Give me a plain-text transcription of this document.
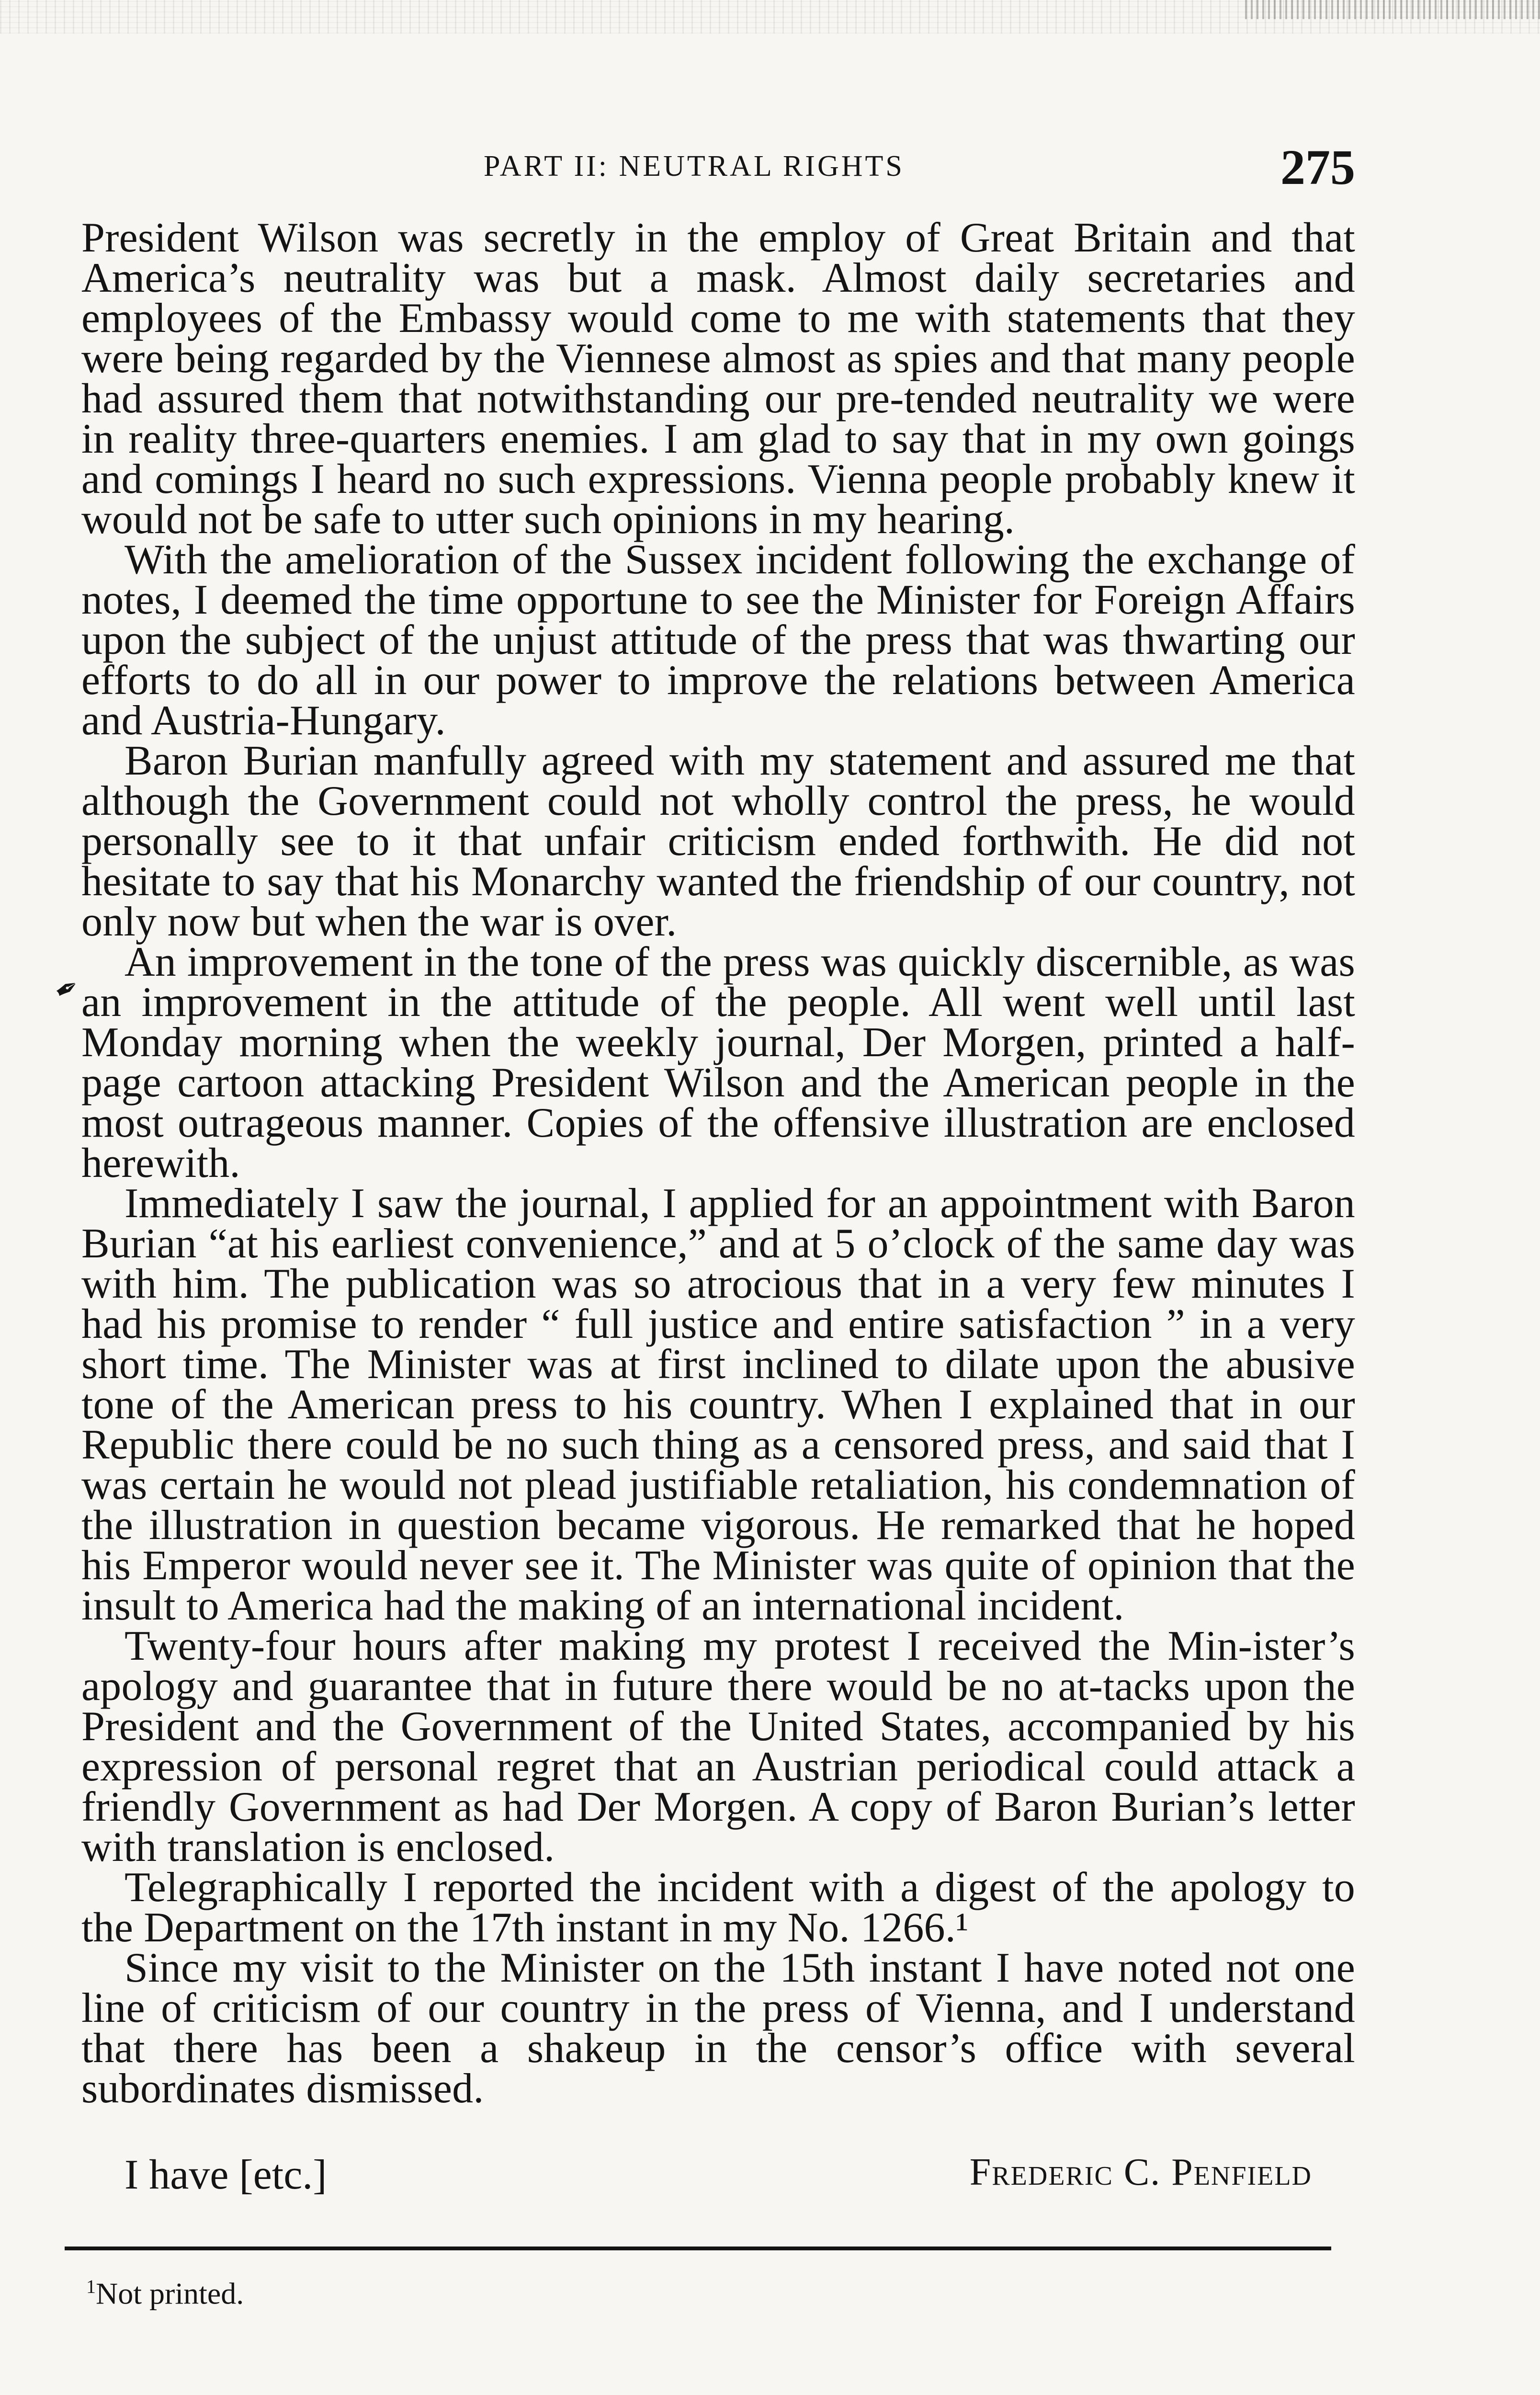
PART II: NEUTRAL RIGHTS	275
✒

President Wilson was secretly in the employ of Great Britain and that America’s neutrality was but a mask. Almost daily secretaries and employees of the Embassy would come to me with statements that they were being regarded by the Viennese almost as spies and that many people had assured them that notwithstanding our pre-tended neutrality we were in reality three-quarters enemies. I am glad to say that in my own goings and comings I heard no such expressions. Vienna people probably knew it would not be safe to utter such opinions in my hearing.

With the amelioration of the Sussex incident following the exchange of notes, I deemed the time opportune to see the Minister for Foreign Affairs upon the subject of the unjust attitude of the press that was thwarting our efforts to do all in our power to improve the relations between America and Austria-Hungary.

Baron Burian manfully agreed with my statement and assured me that although the Government could not wholly control the press, he would personally see to it that unfair criticism ended forthwith. He did not hesitate to say that his Monarchy wanted the friendship of our country, not only now but when the war is over.

An improvement in the tone of the press was quickly discernible, as was an improvement in the attitude of the people. All went well until last Monday morning when the weekly journal, Der Morgen, printed a half-page cartoon attacking President Wilson and the American people in the most outrageous manner. Copies of the offensive illustration are enclosed herewith.

Immediately I saw the journal, I applied for an appointment with Baron Burian “at his earliest convenience,” and at 5 o’clock of the same day was with him. The publication was so atrocious that in a very few minutes I had his promise to render “ full justice and entire satisfaction ” in a very short time. The Minister was at first inclined to dilate upon the abusive tone of the American press to his country. When I explained that in our Republic there could be no such thing as a censored press, and said that I was certain he would not plead justifiable retaliation, his condemnation of the illustration in question became vigorous. He remarked that he hoped his Emperor would never see it. The Minister was quite of opinion that the insult to America had the making of an international incident.

Twenty-four hours after making my protest I received the Min-ister’s apology and guarantee that in future there would be no at-tacks upon the President and the Government of the United States, accompanied by his expression of personal regret that an Austrian periodical could attack a friendly Government as had Der Morgen. A copy of Baron Burian’s letter with translation is enclosed.

Telegraphically I reported the incident with a digest of the apology to the Department on the 17th instant in my No. 1266.¹

Since my visit to the Minister on the 15th instant I have noted not one line of criticism of our country in the press of Vienna, and I understand that there has been a shakeup in the censor’s office with several subordinates dismissed.

I have [etc.]	Frederic C. Penfield
$^1$Not printed.
